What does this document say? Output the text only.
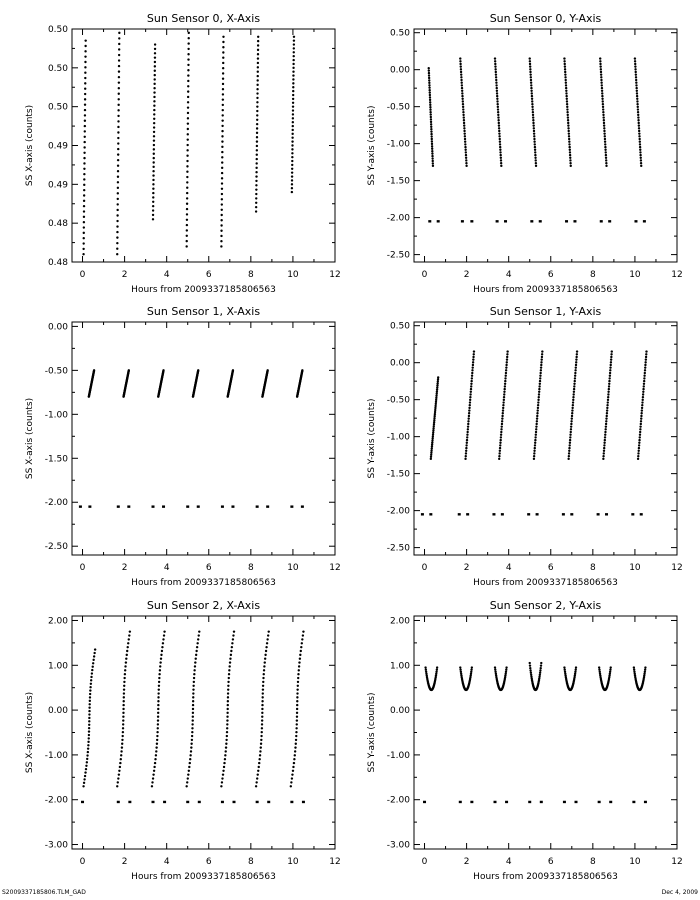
Sun Sensor 0, X-Axis
Hours from 2009337185806563
SS X-axis (counts)
0	2	4	6	8	10	12
0.48
0.48
0.49
0.49
0.50
0.50
0.50
Sun Sensor 0, Y-Axis
Hours from 2009337185806563
SS Y-axis (counts)
0	2	4	6	8	10	12
-2.50
-2.00
-1.50
-1.00
-0.50
0.00
0.50
Sun Sensor 1, X-Axis
Hours from 2009337185806563
SS X-axis (counts)
0	2	4	6	8	10	12
-2.50
-2.00
-1.50
-1.00
-0.50
0.00
Sun Sensor 1, Y-Axis
Hours from 2009337185806563
SS Y-axis (counts)
0	2	4	6	8	10	12
-2.50
-2.00
-1.50
-1.00
-0.50
0.00
0.50
Sun Sensor 2, X-Axis
Hours from 2009337185806563
SS X-axis (counts)
0	2	4	6	8	10	12
-3.00
-2.00
-1.00
0.00
1.00
2.00
Sun Sensor 2, Y-Axis
Hours from 2009337185806563
SS Y-axis (counts)
0	2	4	6	8	10	12
-3.00
-2.00
-1.00
0.00
1.00
2.00
S2009337185806.TLM_GAD	Dec 4, 2009
